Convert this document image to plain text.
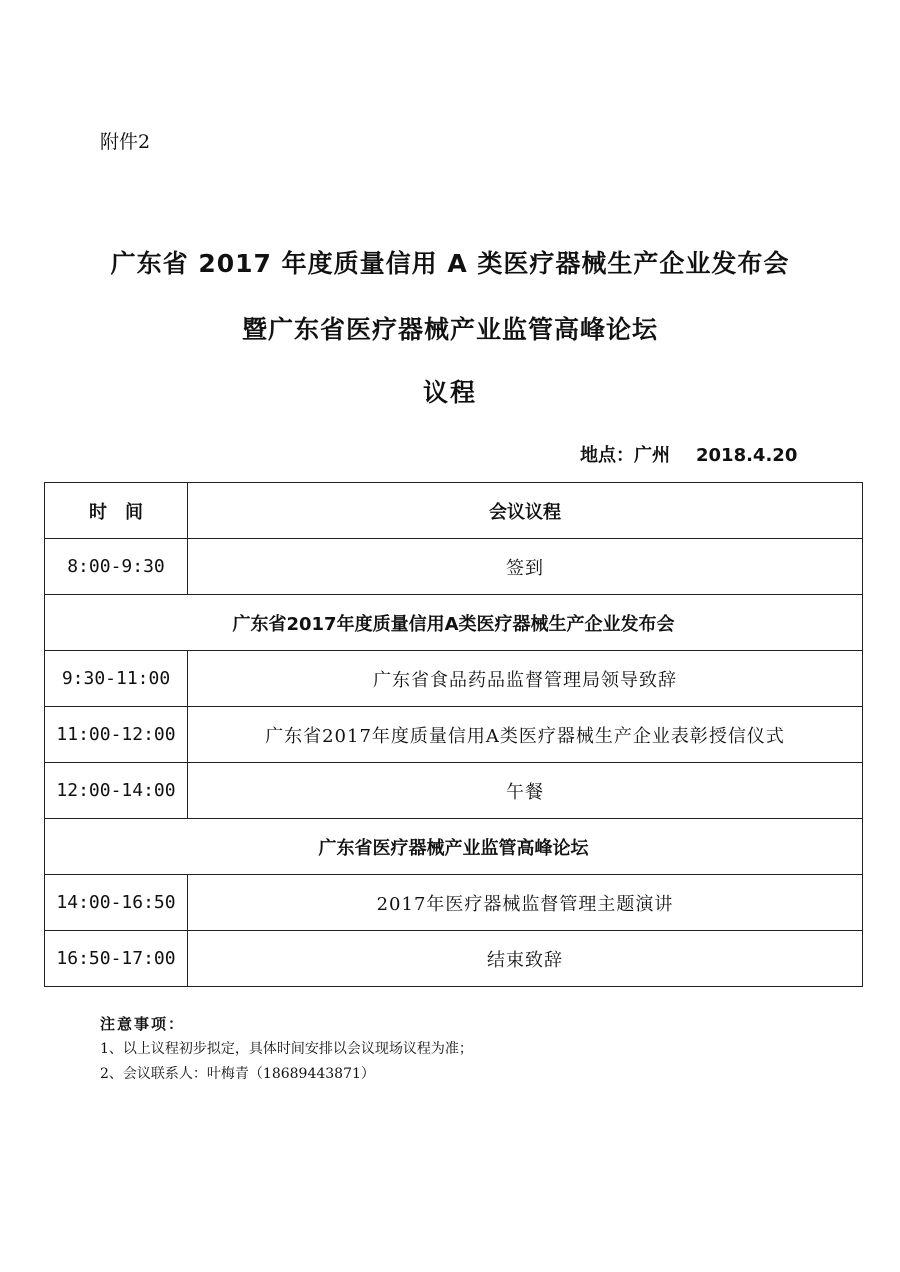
附件2
广东省 2017 年度质量信用 A 类医疗器械生产企业发布会
暨广东省医疗器械产业监管高峰论坛
议程
地点：广州 2018.4.20
时　间	会议议程
8:00-9:30	签到
广东省2017年度质量信用A类医疗器械生产企业发布会	
9:30-11:00	广东省食品药品监督管理局领导致辞
11:00-12:00	广东省2017年度质量信用A类医疗器械生产企业表彰授信仪式
12:00-14:00	午餐
广东省医疗器械产业监管高峰论坛	
14:00-16:50	2017年医疗器械监督管理主题演讲
16:50-17:00	结束致辞
注意事项：
1、以上议程初步拟定，具体时间安排以会议现场议程为准；
2、会议联系人：叶梅青（18689443871）
